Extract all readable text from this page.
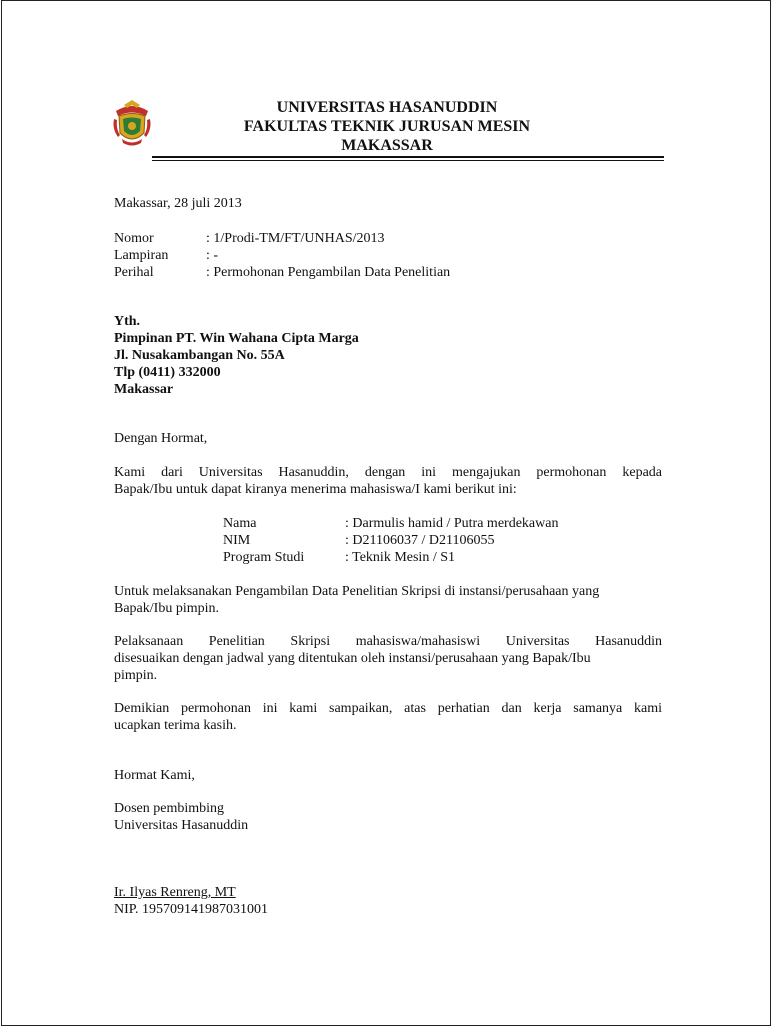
UNIVERSITAS HASANUDDIN
FAKULTAS TEKNIK JURUSAN MESIN
MAKASSAR
Makassar, 28 juli 2013
Nomor	: 1/Prodi-TM/FT/UNHAS/2013
Lampiran	: -
Perihal	: Permohonan Pengambilan Data Penelitian
Yth.
Pimpinan PT. Win Wahana Cipta Marga
Jl. Nusakambangan No. 55A
Tlp (0411) 332000
Makassar
Dengan Hormat,
Kami dari Universitas Hasanuddin, dengan ini mengajukan permohonan kepada
Bapak/Ibu untuk dapat kiranya menerima mahasiswa/I kami berikut ini:
Nama	: Darmulis hamid / Putra merdekawan
NIM	: D21106037 / D21106055
Program Studi	: Teknik Mesin / S1
Untuk melaksanakan Pengambilan Data Penelitian Skripsi di instansi/perusahaan yang
Bapak/Ibu pimpin.
Pelaksanaan Penelitian Skripsi mahasiswa/mahasiswi Universitas Hasanuddin
disesuaikan dengan jadwal yang ditentukan oleh instansi/perusahaan yang Bapak/Ibu
pimpin.
Demikian permohonan ini kami sampaikan, atas perhatian dan kerja samanya kami
ucapkan terima kasih.
Hormat Kami,
Dosen pembimbing
Universitas Hasanuddin
Ir. Ilyas Renreng, MT
NIP. 195709141987031001
